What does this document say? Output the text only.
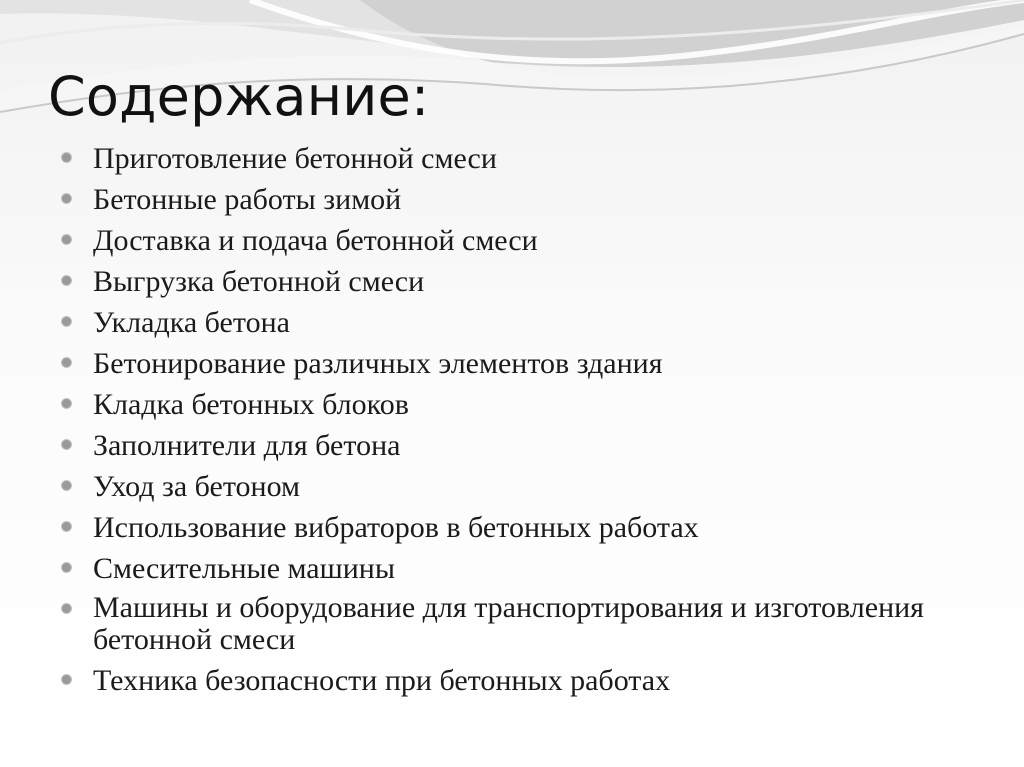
Содержание:
Приготовление бетонной смеси
Бетонные работы зимой
Доставка и подача бетонной смеси
Выгрузка бетонной смеси
Укладка бетона
Бетонирование различных элементов здания
Кладка бетонных блоков
Заполнители для бетона
Уход за бетоном
Использование вибраторов в бетонных работах
Смесительные машины
Машины и оборудование для транспортирования и изготовления бетонной смеси
Техника безопасности при бетонных работах
